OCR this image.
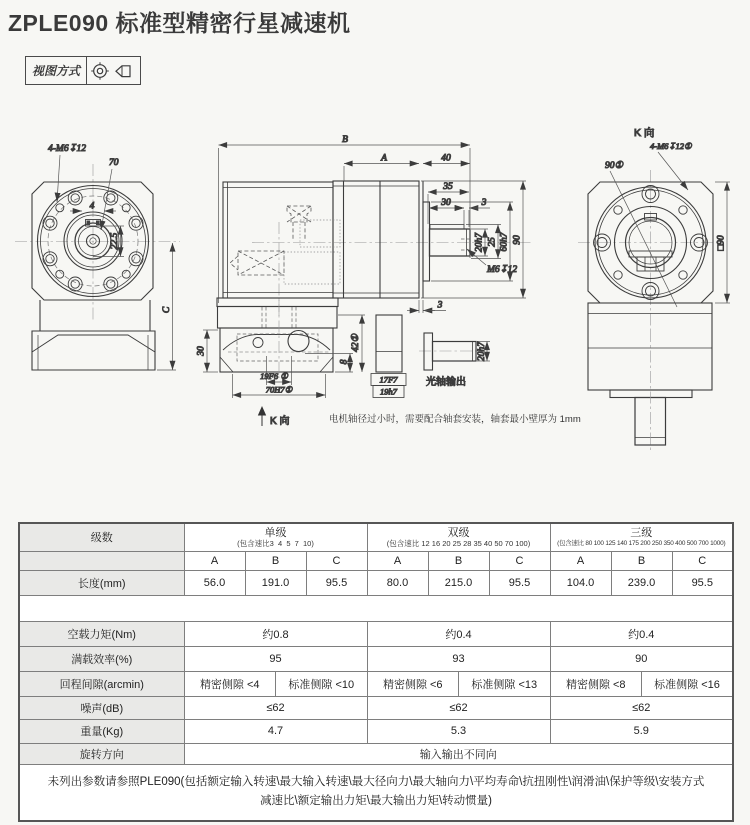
ZPLE090 标准型精密行星减速机
视图方式
4-M6↧12
70
4
22.5
C
B
A	40
35
30	3
20h7 25 60h7 90
M6↧12
3
30
8
42①
19F6 ①
70H7①
K 向
17F7
19h7
20h7
光轴输出
电机轴径过小时，需要配合轴套安装，轴套最小壁厚为 1mm
K 向
4-M6↧12①
90①
□90
级数	单级
(包含速比3  4  5  7  10)

双级
(包含速比 12 16 20 25 28 35 40 50 70 100)

三级
(包含速比 80 100 125 140 175 200 250 350 400 500 700 1000)

	A	B		C	A	B		C	A	B		C
长度(mm)	56.0	191.0		95.5	80.0	215.0		95.5	104.0	239.0		95.5

空载力矩(Nm)	约0.8				约0.4				约0.4			
满载效率(%)	95				93				90			
回程间隙(arcmin)	精密侧隙 <4		标准侧隙 <10		精密侧隙 <6		标准侧隙 <13		精密侧隙 <8		标准侧隙 <16	
噪声(dB)	≤62				≤62				≤62			
重量(Kg)	4.7				5.3				5.9			
旋转方向	输入输出不同向											

未列出参数请参照PLE090(包括额定输入转速\最大输入转速\最大径向力\最大轴向力\平均寿命\抗扭刚性\润滑油\保护等级\安装方式
减速比\额定输出力矩\最大输出力矩\转动惯量)												
